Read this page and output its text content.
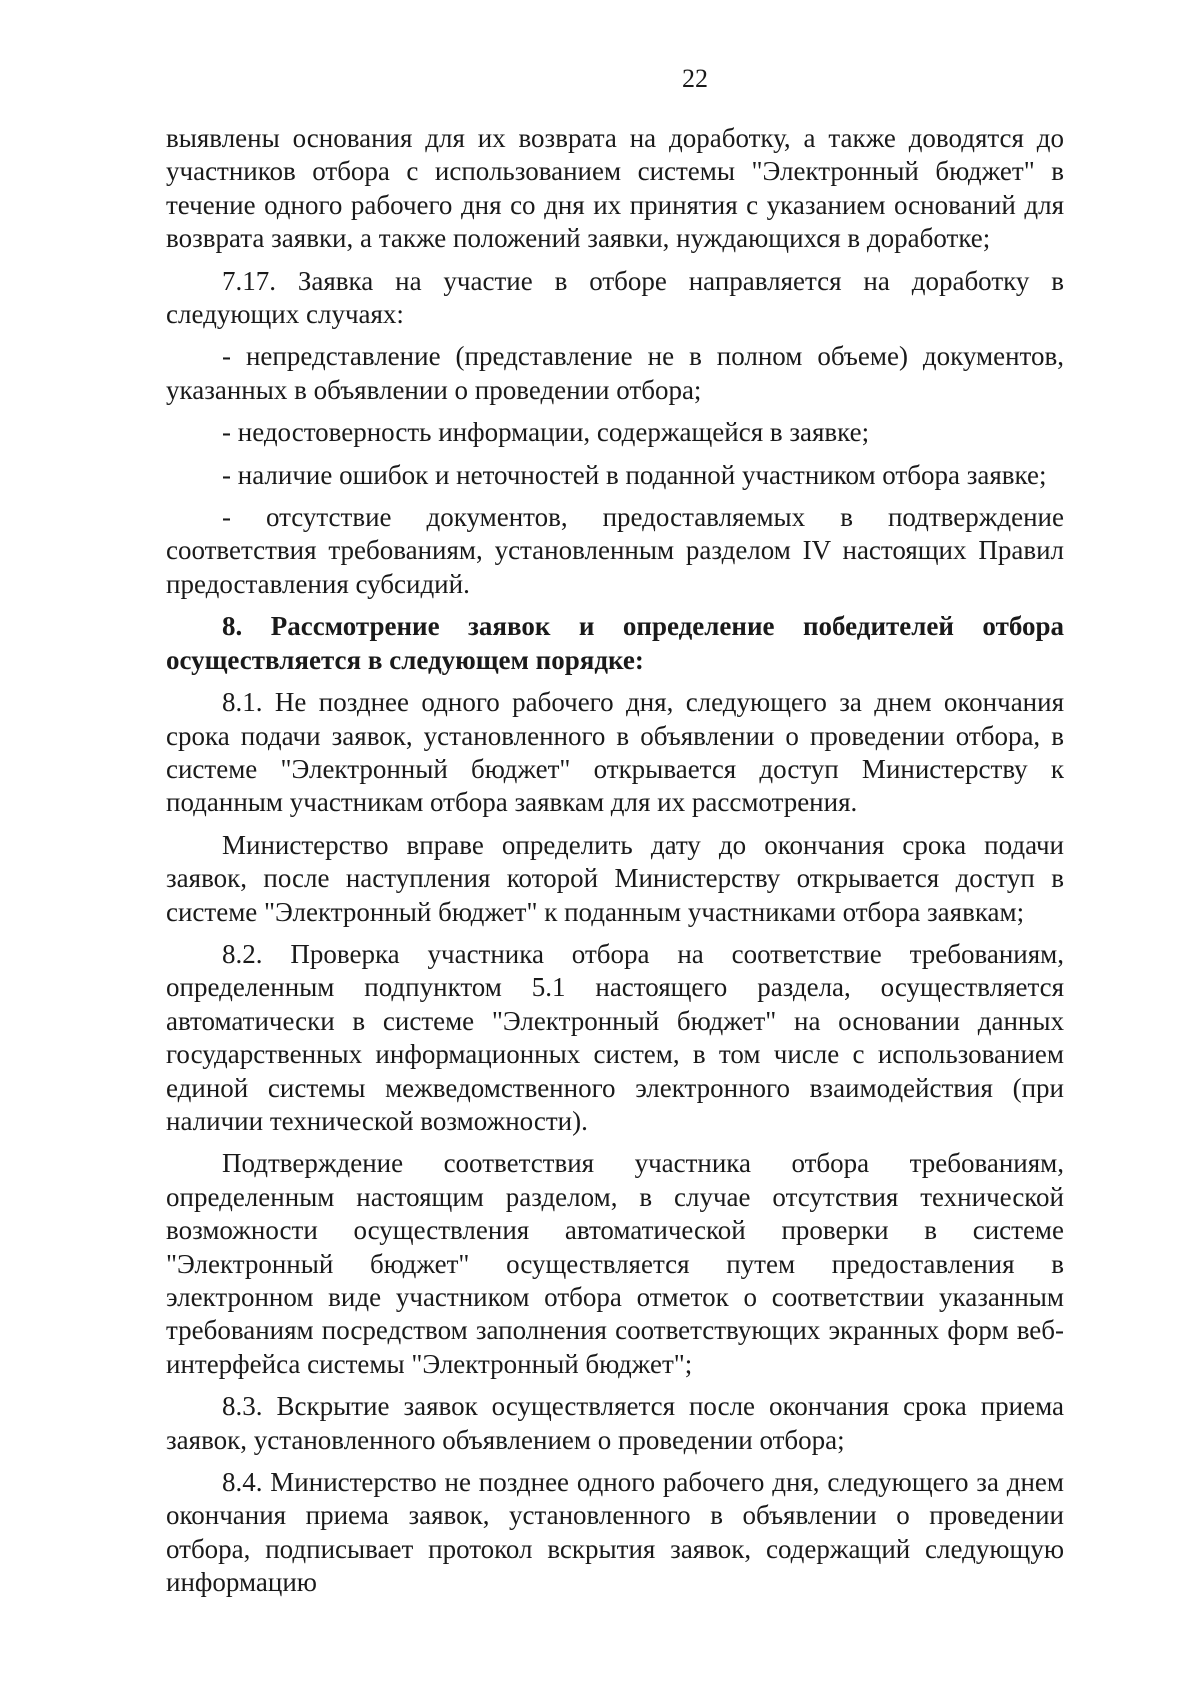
22

выявлены основания для их возврата на доработку, а также доводятся до участников отбора с использованием системы "Электронный бюджет" в течение одного рабочего дня со дня их принятия с указанием оснований для возврата заявки, а также положений заявки, нуждающихся в доработке;

7.17. Заявка на участие в отборе направляется на доработку в следующих случаях:

- непредставление (представление не в полном объеме) документов, указанных в объявлении о проведении отбора;

- недостоверность информации, содержащейся в заявке;

- наличие ошибок и неточностей в поданной участником отбора заявке;

- отсутствие документов, предоставляемых в подтверждение соответствия требованиям, установленным разделом IV настоящих Правил предоставления субсидий.

8. Рассмотрение заявок и определение победителей отбора осуществляется в следующем порядке:

8.1. Не позднее одного рабочего дня, следующего за днем окончания срока подачи заявок, установленного в объявлении о проведении отбора, в системе "Электронный бюджет" открывается доступ Министерству к поданным участникам отбора заявкам для их рассмотрения.

Министерство вправе определить дату до окончания срока подачи заявок, после наступления которой Министерству открывается доступ в системе "Электронный бюджет" к поданным участниками отбора заявкам;

8.2. Проверка участника отбора на соответствие требованиям, определенным подпунктом 5.1 настоящего раздела, осуществляется автоматически в системе "Электронный бюджет" на основании данных государственных информационных систем, в том числе с использованием единой системы межведомственного электронного взаимодействия (при наличии технической возможности).

Подтверждение соответствия участника отбора требованиям, определенным настоящим разделом, в случае отсутствия технической возможности осуществления автоматической проверки в системе "Электронный бюджет" осуществляется путем предоставления в электронном виде участником отбора отметок о соответствии указанным требованиям посредством заполнения соответствующих экранных форм веб-интерфейса системы "Электронный бюджет";

8.3. Вскрытие заявок осуществляется после окончания срока приема заявок, установленного объявлением о проведении отбора;

8.4. Министерство не позднее одного рабочего дня, следующего за днем окончания приема заявок, установленного в объявлении о проведении отбора, подписывает протокол вскрытия заявок, содержащий следующую информацию
